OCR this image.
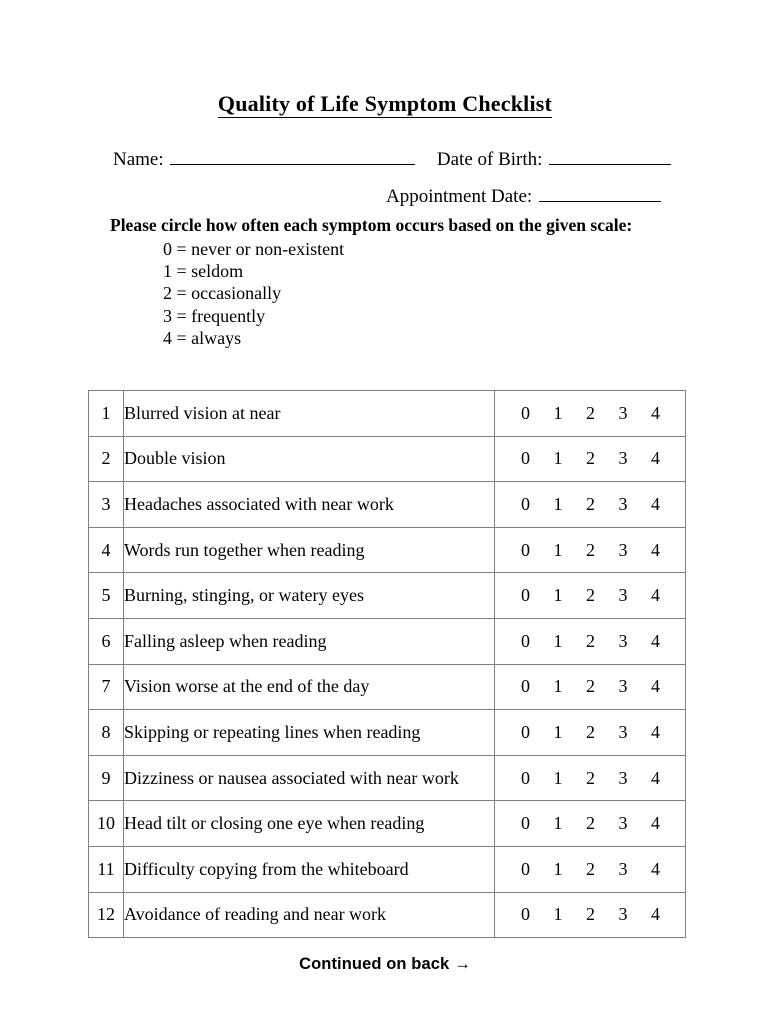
Quality of Life Symptom Checklist
Name:	Date of Birth:
Appointment Date:
Please circle how often each symptom occurs based on the given scale:
0 = never or non-existent
1 = seldom
2 = occasionally
3 = frequently
4 = always
1	Blurred vision at near	0 1 2 3 4

2	Double vision	0 1 2 3 4

3	Headaches associated with near work	0 1 2 3 4

4	Words run together when reading	0 1 2 3 4

5	Burning, stinging, or watery eyes	0 1 2 3 4

6	Falling asleep when reading	0 1 2 3 4

7	Vision worse at the end of the day	0 1 2 3 4

8	Skipping or repeating lines when reading	0 1 2 3 4

9	Dizziness or nausea associated with near work	0 1 2 3 4

10	Head tilt or closing one eye when reading	0 1 2 3 4

11	Difficulty copying from the whiteboard	0 1 2 3 4

12	Avoidance of reading and near work	0 1 2 3 4
Continued on back →
